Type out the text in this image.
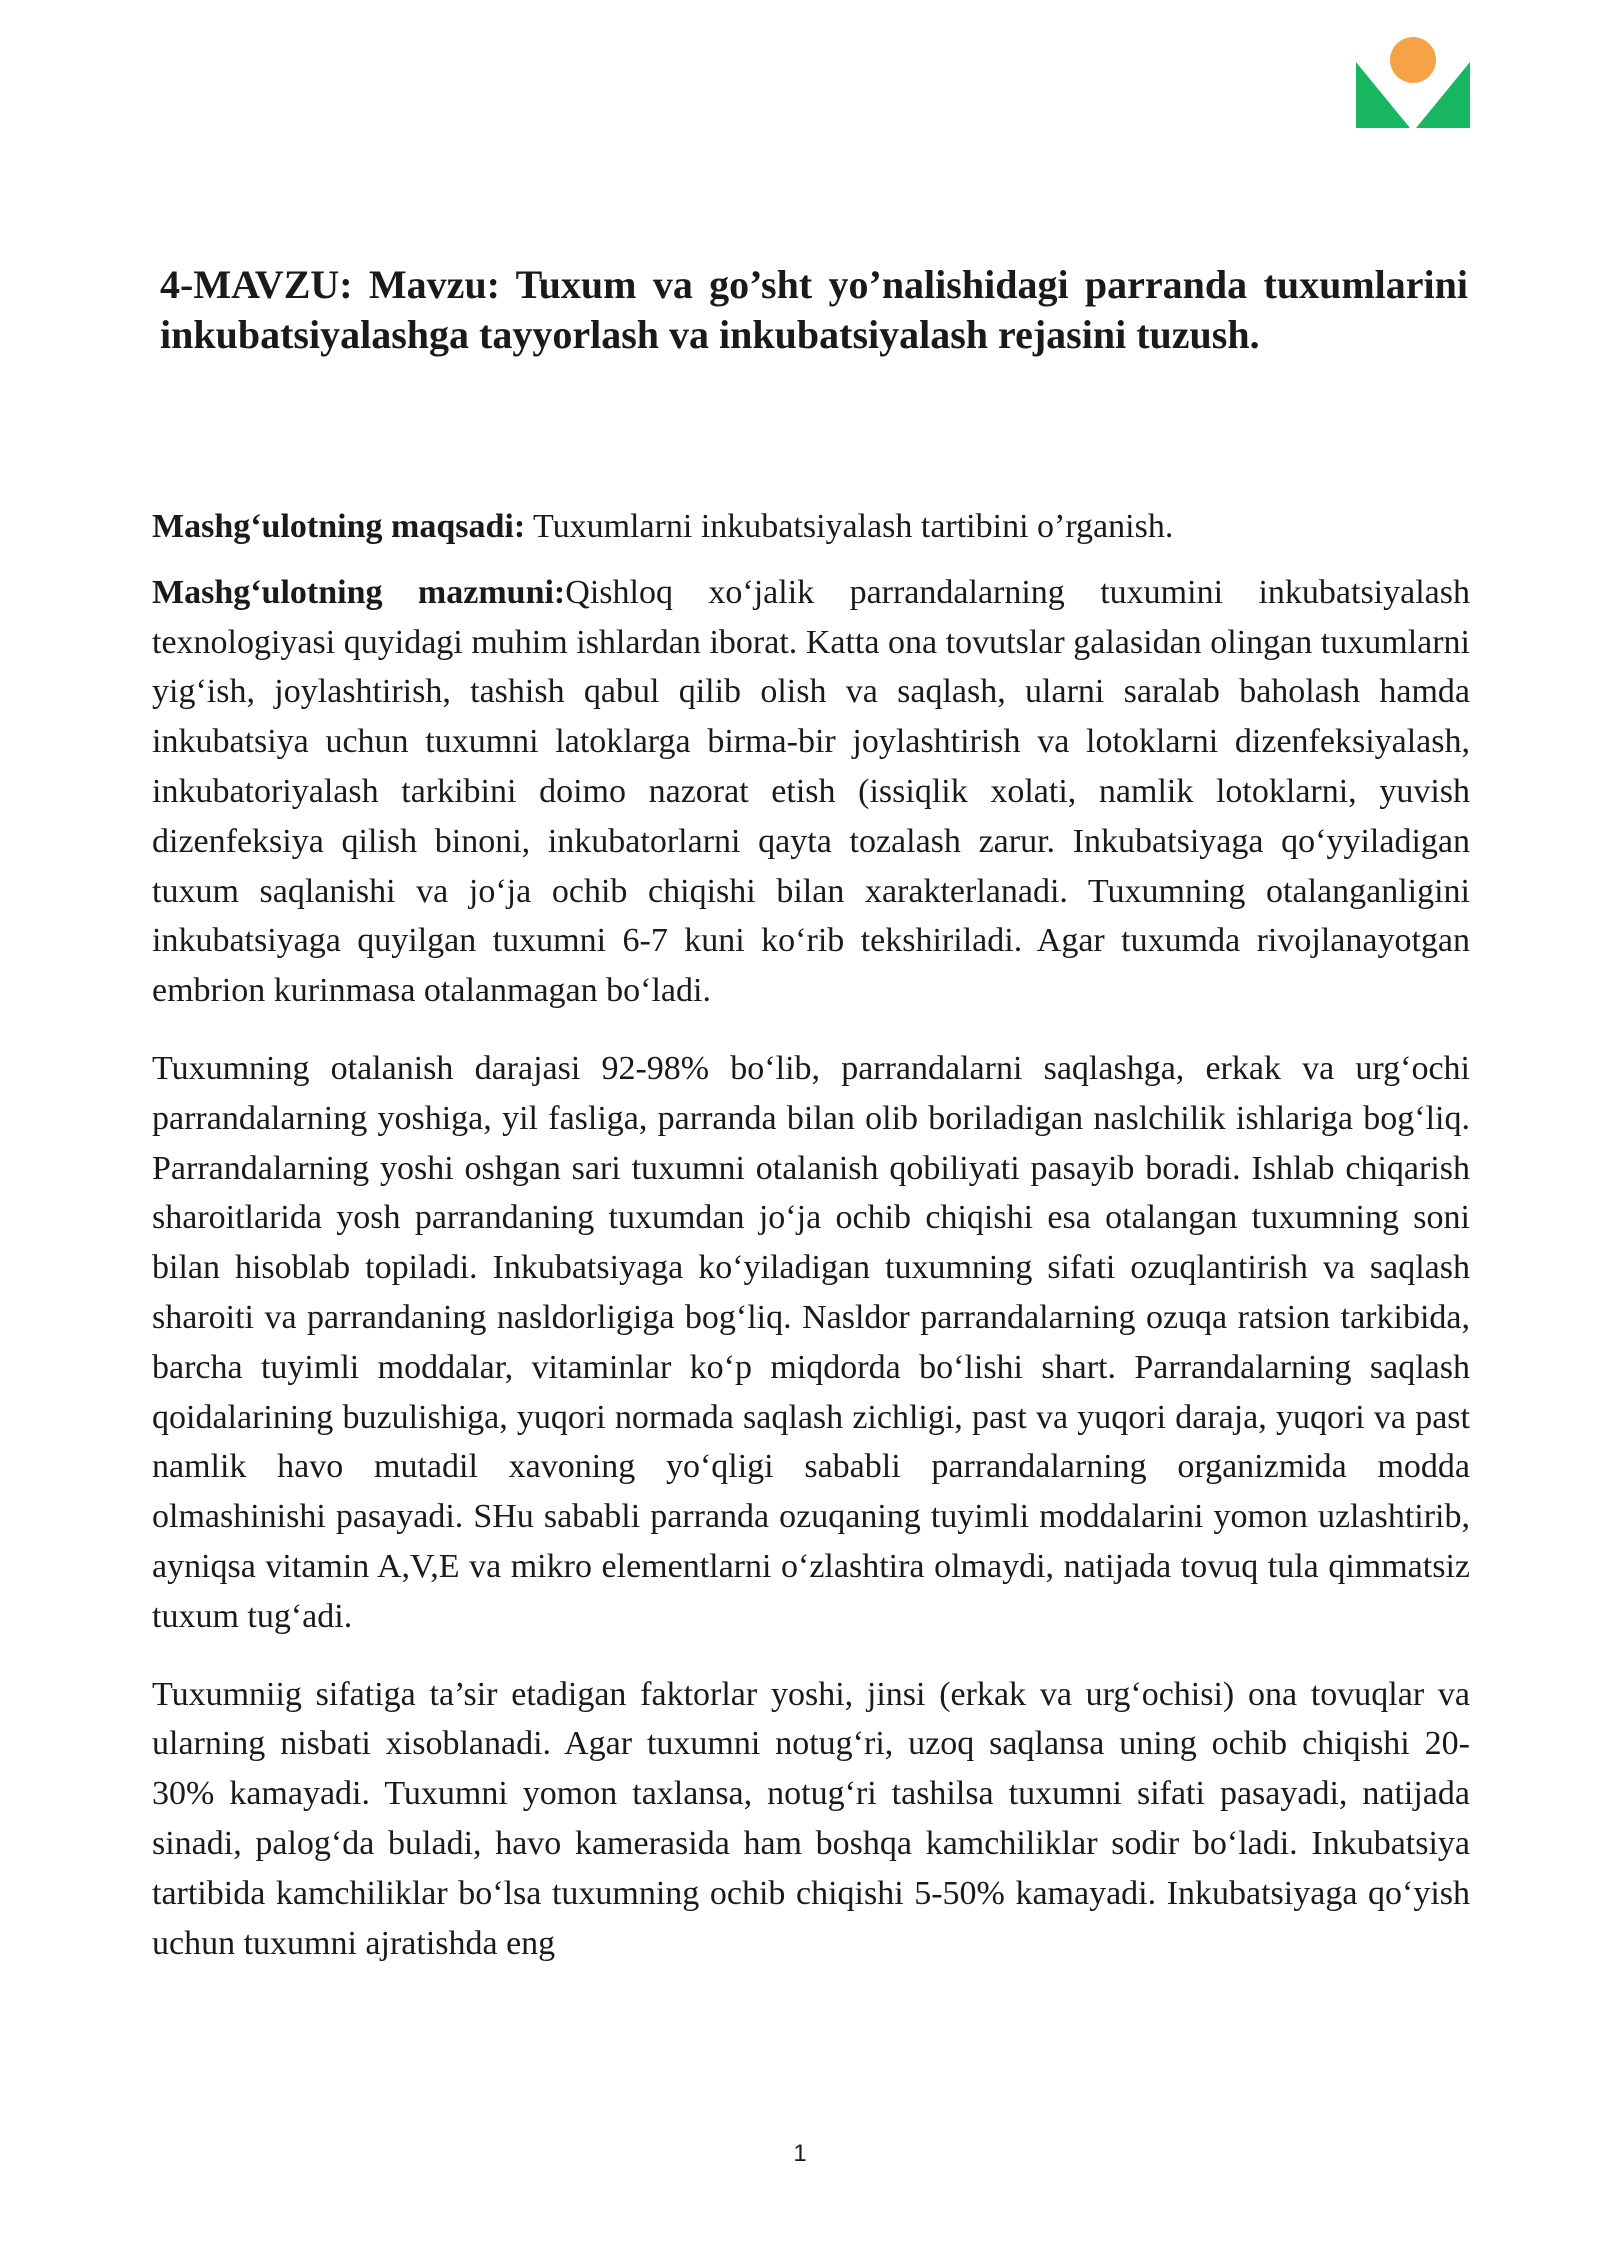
4-MAVZU: Mavzu: Tuxum va go’sht yo’nalishidagi parranda tuxumlarini inkubatsiyalashga tayyorlash va inkubatsiyalash rejasini tuzush.

Mashg‘ulotning maqsadi: Tuxumlarni inkubatsiyalash tartibini o’rganish.

Mashg‘ulotning mazmuni:Qishloq xo‘jalik parrandalarning tuxumini inkubatsiyalash texnologiyasi quyidagi muhim ishlardan iborat. Katta ona tovutslar galasidan olingan tuxumlarni yig‘ish, joylashtirish, tashish qabul qilib olish va saqlash, ularni saralab baholash hamda inkubatsiya uchun tuxumni latoklarga birma-bir joylashtirish va lotoklarni dizenfeksiyalash, inkubatoriyalash tarkibini doimo nazorat etish (issiqlik xolati, namlik lotoklarni, yuvish dizenfeksiya qilish binoni, inkubatorlarni qayta tozalash zarur. Inkubatsiyaga qo‘yyiladigan tuxum saqlanishi va jo‘ja ochib chiqishi bilan xarakterlanadi. Tuxumning otalanganligini inkubatsiyaga quyilgan tuxumni 6-7 kuni ko‘rib tekshiriladi. Agar tuxumda rivojlanayotgan embrion kurinmasa otalanmagan bo‘ladi.

Tuxumning otalanish darajasi 92-98% bo‘lib, parrandalarni saqlashga, erkak va urg‘ochi parrandalarning yoshiga, yil fasliga, parranda bilan olib boriladigan naslchilik ishlariga bog‘liq. Parrandalarning yoshi oshgan sari tuxumni otalanish qobiliyati pasayib boradi. Ishlab chiqarish sharoitlarida yosh parrandaning tuxumdan jo‘ja ochib chiqishi esa otalangan tuxumning soni bilan hisoblab topiladi. Inkubatsiyaga ko‘yiladigan tuxumning sifati ozuqlantirish va saqlash sharoiti va parrandaning nasldorligiga bog‘liq. Nasldor parrandalarning ozuqa ratsion tarkibida, barcha tuyimli moddalar, vitaminlar ko‘p miqdorda bo‘lishi shart. Parrandalarning saqlash qoidalarining buzulishiga, yuqori normada saqlash zichligi, past va yuqori daraja, yuqori va past namlik havo mutadil xavoning yo‘qligi sababli parrandalarning organizmida modda olmashinishi pasayadi. SHu sababli parranda ozuqaning tuyimli moddalarini yomon uzlashtirib, ayniqsa vitamin A,V,E va mikro elementlarni o‘zlashtira olmaydi, natijada tovuq tula qimmatsiz tuxum tug‘adi.

Tuxumniig sifatiga ta’sir etadigan faktorlar yoshi, jinsi (erkak va urg‘ochisi) ona tovuqlar va ularning nisbati xisoblanadi. Agar tuxumni notug‘ri, uzoq saqlansa uning ochib chiqishi 20- 30% kamayadi. Tuxumni yomon taxlansa, notug‘ri tashilsa tuxumni sifati pasayadi, natijada sinadi, palog‘da buladi, havo kamerasida ham boshqa kamchiliklar sodir bo‘ladi. Inkubatsiya tartibida kamchiliklar bo‘lsa tuxumning ochib chiqishi 5-50% kamayadi. Inkubatsiyaga qo‘yish uchun tuxumni ajratishda eng

1
